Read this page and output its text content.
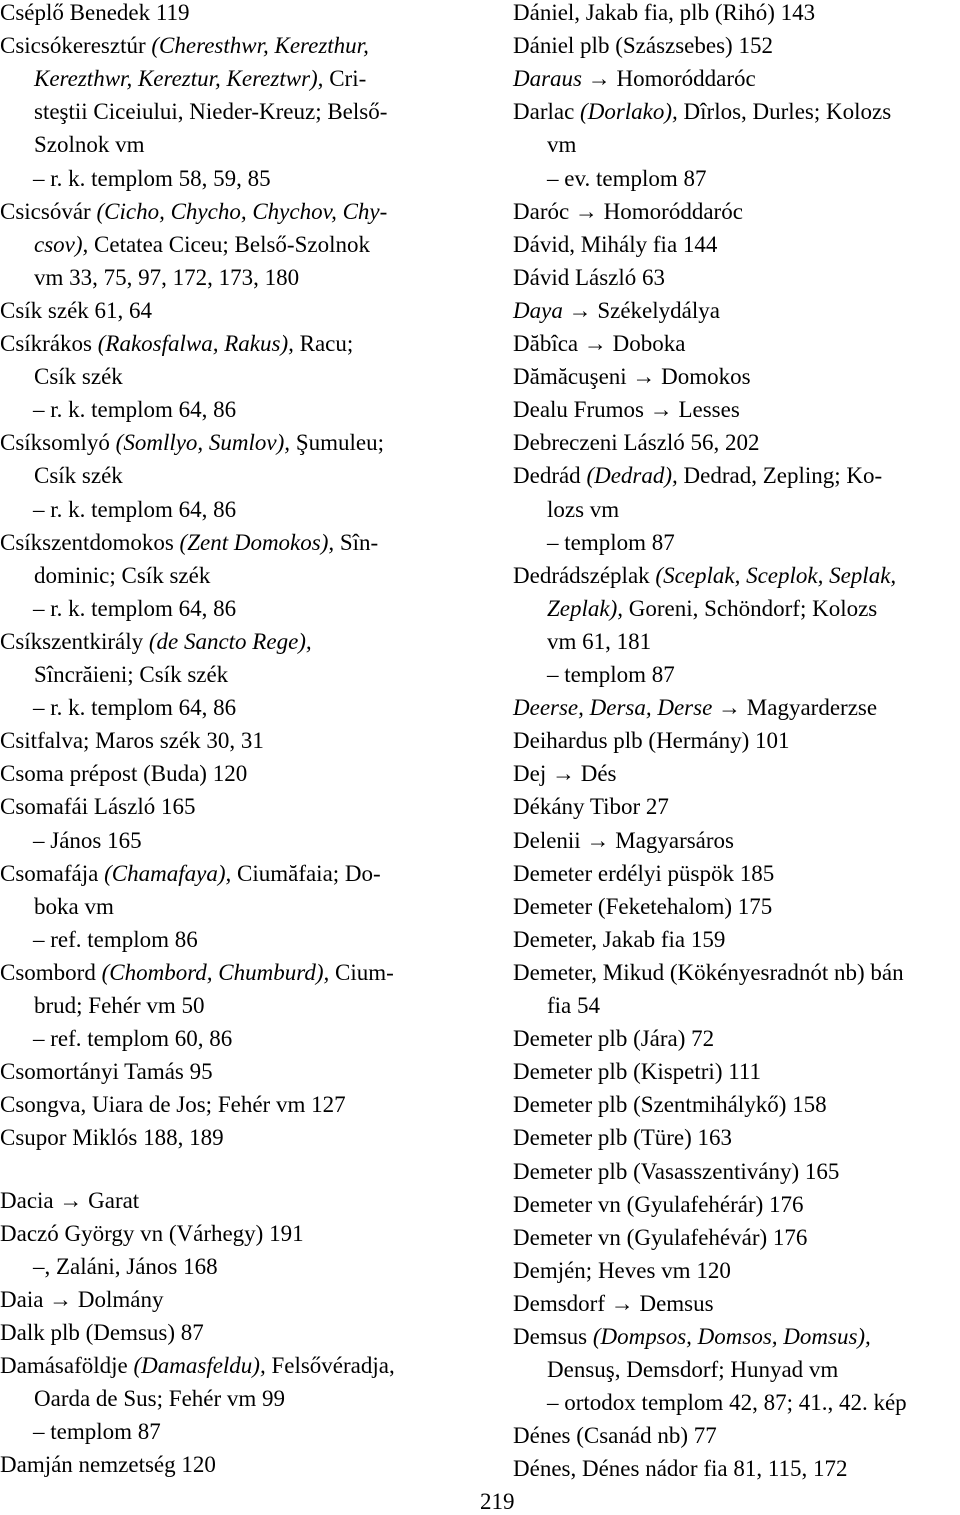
Cséplő Benedek 119
Csicsókeresztúr (Cheresthwr, Kerezthur,
Kerezthwr, Kereztur, Kereztwr), Cri-
steştii Ciceiului, Nieder-Kreuz; Belső-
Szolnok vm
– r. k. templom 58, 59, 85
Csicsóvár (Cicho, Chycho, Chychov, Chy-
csov), Cetatea Ciceu; Belső-Szolnok
vm 33, 75, 97, 172, 173, 180
Csík szék 61, 64
Csíkrákos (Rakosfalwa, Rakus), Racu;
Csík szék
– r. k. templom 64, 86
Csíksomlyó (Somllyo, Sumlov), Şumuleu;
Csík szék
– r. k. templom 64, 86
Csíkszentdomokos (Zent Domokos), Sîn-
dominic; Csík szék
– r. k. templom 64, 86
Csíkszentkirály (de Sancto Rege),
Sîncrăieni; Csík szék
– r. k. templom 64, 86
Csitfalva; Maros szék 30, 31
Csoma prépost (Buda) 120
Csomafái László 165
– János 165
Csomafája (Chamafaya), Ciumăfaia; Do-
boka vm
– ref. templom 86
Csombord (Chombord, Chumburd), Cium-
brud; Fehér vm 50
– ref. templom 60, 86
Csomortányi Tamás 95
Csongva, Uiara de Jos; Fehér vm 127
Csupor Miklós 188, 189
Dacia → Garat
Daczó György vn (Várhegy) 191
–, Zaláni, János 168
Daia → Dolmány
Dalk plb (Demsus) 87
Damásaföldje (Damasfeldu), Felsővéradja,
Oarda de Sus; Fehér vm 99
– templom 87
Damján nemzetség 120
Dániel, Jakab fia, plb (Rihó) 143
Dániel plb (Szászsebes) 152
Daraus → Homoróddaróc
Darlac (Dorlako), Dîrlos, Durles; Kolozs
vm
– ev. templom 87
Daróc → Homoróddaróc
Dávid, Mihály fia 144
Dávid László 63
Daya → Székelydálya
Dăbîca → Doboka
Dămăcuşeni → Domokos
Dealu Frumos → Lesses
Debreczeni László 56, 202
Dedrád (Dedrad), Dedrad, Zepling; Ko-
lozs vm
– templom 87
Dedrádszéplak (Sceplak, Sceplok, Seplak,
Zeplak), Goreni, Schöndorf; Kolozs
vm 61, 181
– templom 87
Deerse, Dersa, Derse → Magyarderzse
Deihardus plb (Hermány) 101
Dej → Dés
Dékány Tibor 27
Delenii → Magyarsáros
Demeter erdélyi püspök 185
Demeter (Feketehalom) 175
Demeter, Jakab fia 159
Demeter, Mikud (Kökényesradnót nb) bán
fia 54
Demeter plb (Jára) 72
Demeter plb (Kispetri) 111
Demeter plb (Szentmihálykő) 158
Demeter plb (Türe) 163
Demeter plb (Vasasszentivány) 165
Demeter vn (Gyulafehérár) 176
Demeter vn (Gyulafehévár) 176
Demjén; Heves vm 120
Demsdorf → Demsus
Demsus (Dompsos, Domsos, Domsus),
Densuş, Demsdorf; Hunyad vm
– ortodox templom 42, 87; 41., 42. kép
Dénes (Csanád nb) 77
Dénes, Dénes nádor fia 81, 115, 172
219
